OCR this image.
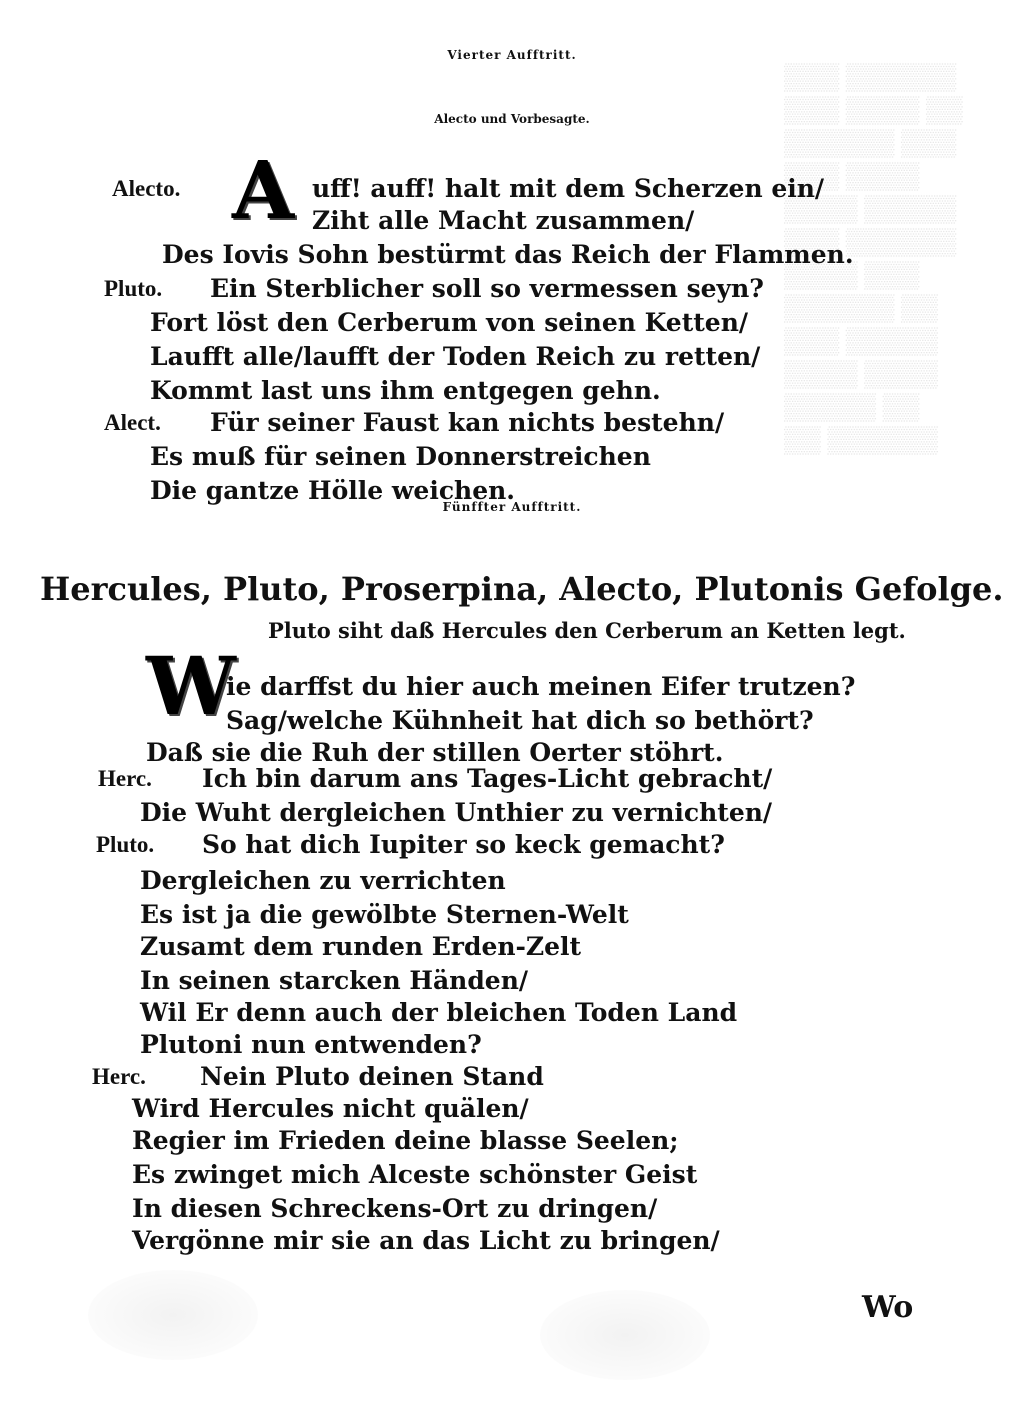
▒▒▒ ▒▒▒▒▒▒
▒▒▒ ▒▒▒▒ ▒▒
▒▒▒▒▒▒ ▒▒▒
▒▒▒ ▒▒▒▒
▒▒▒▒ ▒▒▒▒▒
▒▒▒ ▒▒▒▒▒▒
▒▒▒▒ ▒▒▒
▒▒▒▒▒▒ ▒▒
▒▒▒ ▒▒▒▒▒
▒▒▒▒ ▒▒▒▒
▒▒▒▒▒ ▒▒
▒▒ ▒▒▒▒▒▒
Vierter Aufftritt.
Alecto und Vorbesagte.
Alecto. A uff! auff! halt mit dem Scherzen ein/
Ziht alle Macht zusammen/
Des Iovis Sohn bestürmt das Reich der Flammen.
Pluto. Ein Sterblicher soll so vermessen seyn?
Fort löst den Cerberum von seinen Ketten/
Laufft alle/laufft der Toden Reich zu retten/
Kommt last uns ihm entgegen gehn.
Alect. Für seiner Faust kan nichts bestehn/
Es muß für seinen Donnerstreichen
Die gantze Hölle weichen.
Fünffter Aufftritt.
Hercules, Pluto, Proserpina, Alecto, Plutonis Gefolge.
Pluto siht daß Hercules den Cerberum an Ketten legt.
W
ie darffst du hier auch meinen Eifer trutzen?
Sag/welche Kühnheit hat dich so bethört?
Daß sie die Ruh der stillen Oerter stöhrt.
Herc. Ich bin darum ans Tages-Licht gebracht/
Die Wuht dergleichen Unthier zu vernichten/
Pluto. So hat dich Iupiter so keck gemacht?
Dergleichen zu verrichten
Es ist ja die gewölbte Sternen-Welt
Zusamt dem runden Erden-Zelt
In seinen starcken Händen/
Wil Er denn auch der bleichen Toden Land
Plutoni nun entwenden?
Herc. Nein Pluto deinen Stand
Wird Hercules nicht quälen/
Regier im Frieden deine blasse Seelen;
Es zwinget mich Alceste schönster Geist
In diesen Schreckens-Ort zu dringen/
Vergönne mir sie an das Licht zu bringen/
Wo
